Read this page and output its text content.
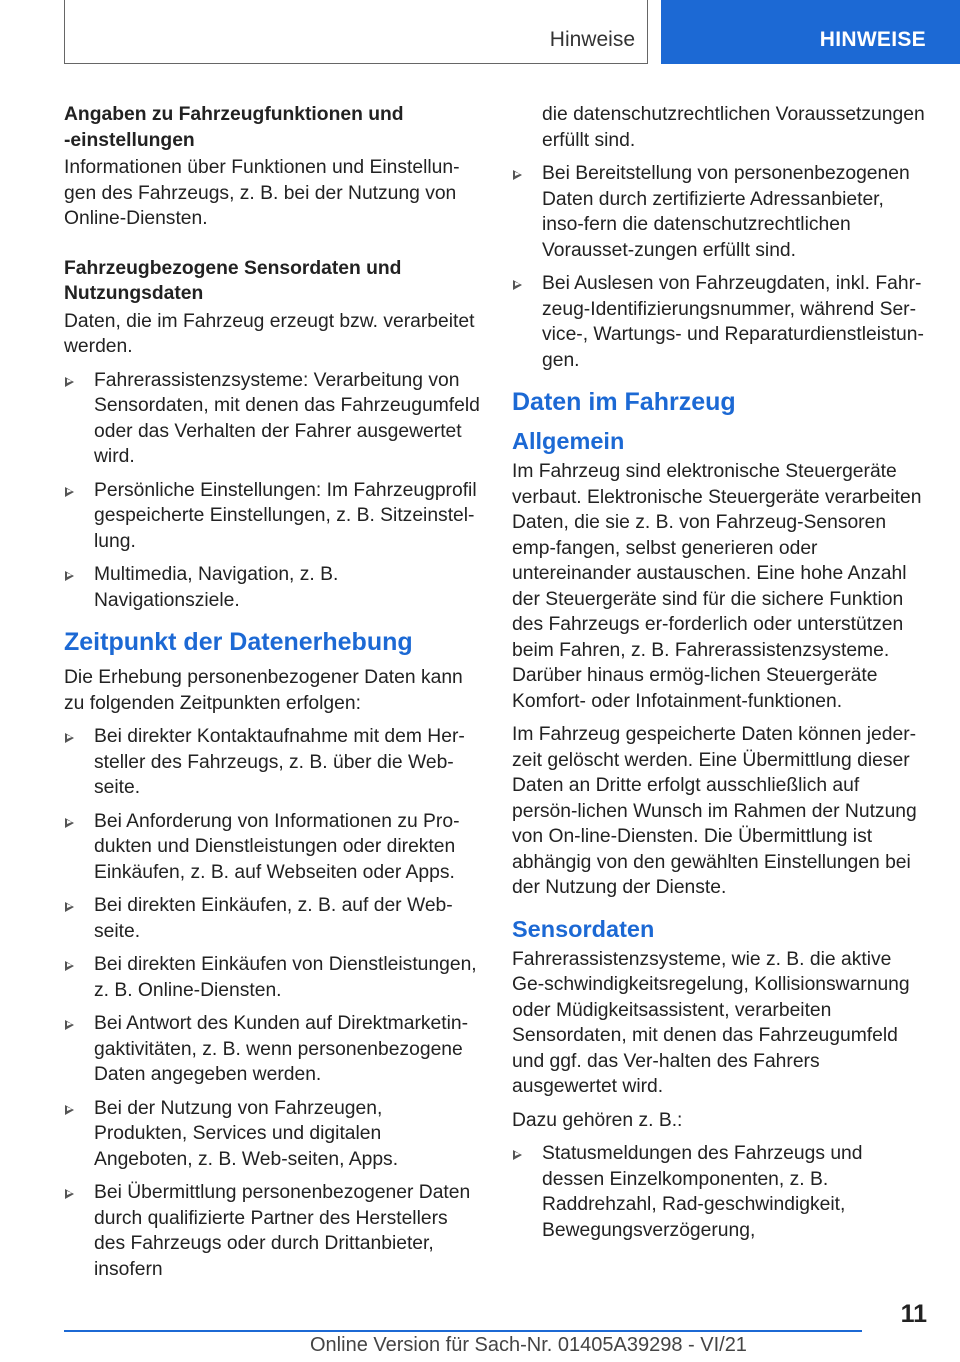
Hinweise	HINWEISE
Angaben zu Fahrzeugfunktionen und ‑einstellungen

Informationen über Funktionen und Einstellun‐gen des Fahrzeugs, z. B. bei der Nutzung von Online-Diensten.

Fahrzeugbezogene Sensordaten und Nutzungsdaten

Daten, die im Fahrzeug erzeugt bzw. verarbeitet werden.

Fahrerassistenzsysteme: Verarbeitung von Sensordaten, mit denen das Fahrzeugumfeld oder das Verhalten der Fahrer ausgewertet wird.
Persönliche Einstellungen: Im Fahrzeugprofil gespeicherte Einstellungen, z. B. Sitzeinstel‐lung.
Multimedia, Navigation, z. B. Navigationsziele.
Zeitpunkt der Datenerhebung

Die Erhebung personenbezogener Daten kann zu folgenden Zeitpunkten erfolgen:

Bei direkter Kontaktaufnahme mit dem Her‐steller des Fahrzeugs, z. B. über die Web‐seite.
Bei Anforderung von Informationen zu Pro‐dukten und Dienstleistungen oder direkten Einkäufen, z. B. auf Webseiten oder Apps.
Bei direkten Einkäufen, z. B. auf der Web‐seite.
Bei direkten Einkäufen von Dienstleistungen, z. B. Online-Diensten.
Bei Antwort des Kunden auf Direktmarketin‐gaktivitäten, z. B. wenn personenbezogene Daten angegeben werden.
Bei der Nutzung von Fahrzeugen, Produkten, Services und digitalen Angeboten, z. B. Web‐seiten, Apps.
Bei Übermittlung personenbezogener Daten durch qualifizierte Partner des Herstellers des Fahrzeugs oder durch Drittanbieter, insofern
die datenschutzrechtlichen Voraussetzungen erfüllt sind.
Bei Bereitstellung von personenbezogenen Daten durch zertifizierte Adressanbieter, inso‐fern die datenschutzrechtlichen Vorausset‐zungen erfüllt sind.
Bei Auslesen von Fahrzeugdaten, inkl. Fahr‐zeug-Identifizierungsnummer, während Ser‐vice-, Wartungs- und Reparaturdienstleistun‐gen.
Daten im Fahrzeug
Allgemein

Im Fahrzeug sind elektronische Steuergeräte verbaut. Elektronische Steuergeräte verarbeiten Daten, die sie z. B. von Fahrzeug-Sensoren emp‐fangen, selbst generieren oder untereinander austauschen. Eine hohe Anzahl der Steuergeräte sind für die sichere Funktion des Fahrzeugs er‐forderlich oder unterstützen beim Fahren, z. B. Fahrerassistenzsysteme. Darüber hinaus ermög‐lichen Steuergeräte Komfort- oder Infotainment‐funktionen.

Im Fahrzeug gespeicherte Daten können jeder‐zeit gelöscht werden. Eine Übermittlung dieser Daten an Dritte erfolgt ausschließlich auf persön‐lichen Wunsch im Rahmen der Nutzung von On‐line-Diensten. Die Übermittlung ist abhängig von den gewählten Einstellungen bei der Nutzung der Dienste.

Sensordaten

Fahrerassistenzsysteme, wie z. B. die aktive Ge‐schwindigkeitsregelung, Kollisionswarnung oder Müdigkeitsassistent, verarbeiten Sensordaten, mit denen das Fahrzeugumfeld und ggf. das Ver‐halten des Fahrers ausgewertet wird.

Dazu gehören z. B.:

Statusmeldungen des Fahrzeugs und dessen Einzelkomponenten, z. B. Raddrehzahl, Rad‐geschwindigkeit, Bewegungsverzögerung,
11
Online Version für Sach-Nr. 01405A39298 - VI/21
